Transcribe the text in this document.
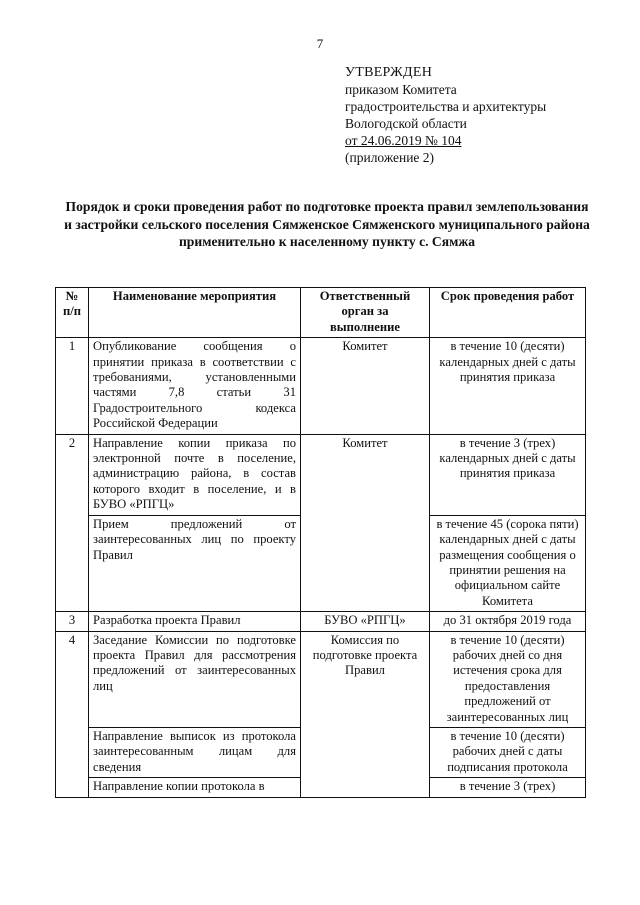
7
УТВЕРЖДЕН
приказом Комитета
градостроительства и архитектуры
Вологодской области
от 24.06.2019 № 104
(приложение 2)
Порядок и сроки проведения работ по подготовке проекта правил землепользования и застройки сельского поселения Сямженское Сямженского муниципального района применительно к населенному пункту с. Сямжа
№ п/п	Наименование мероприятия	Ответственный орган за выполнение	Срок проведения работ
1	Опубликование сообщения о принятии приказа в соответствии с требованиями, установленными частями 7,8 статьи 31 Градостроительного кодекса Российской Федерации	Комитет	в течение 10 (десяти) календарных дней с даты принятия приказа
2	Направление копии приказа по электронной почте в поселение, администрацию района, в состав которого входит в поселение, и в БУВО «РПГЦ»	Комитет	в течение 3 (трех) календарных дней с даты принятия приказа
	Прием предложений от заинтересованных лиц по проекту Правил		в течение 45 (сорока пяти) календарных дней с даты размещения сообщения о принятии решения на официальном сайте Комитета
3	Разработка проекта Правил	БУВО «РПГЦ»	до 31 октября 2019 года
4	Заседание Комиссии по подготовке проекта Правил для рассмотрения предложений от заинтересованных лиц	Комиссия по подготовке проекта Правил	в течение 10 (десяти) рабочих дней со дня истечения срока для предоставления предложений от заинтересованных лиц
	Направление выписок из протокола заинтересованным лицам для сведения		в течение 10 (десяти) рабочих дней с даты подписания протокола
	Направление копии протокола в		в течение 3 (трех)
